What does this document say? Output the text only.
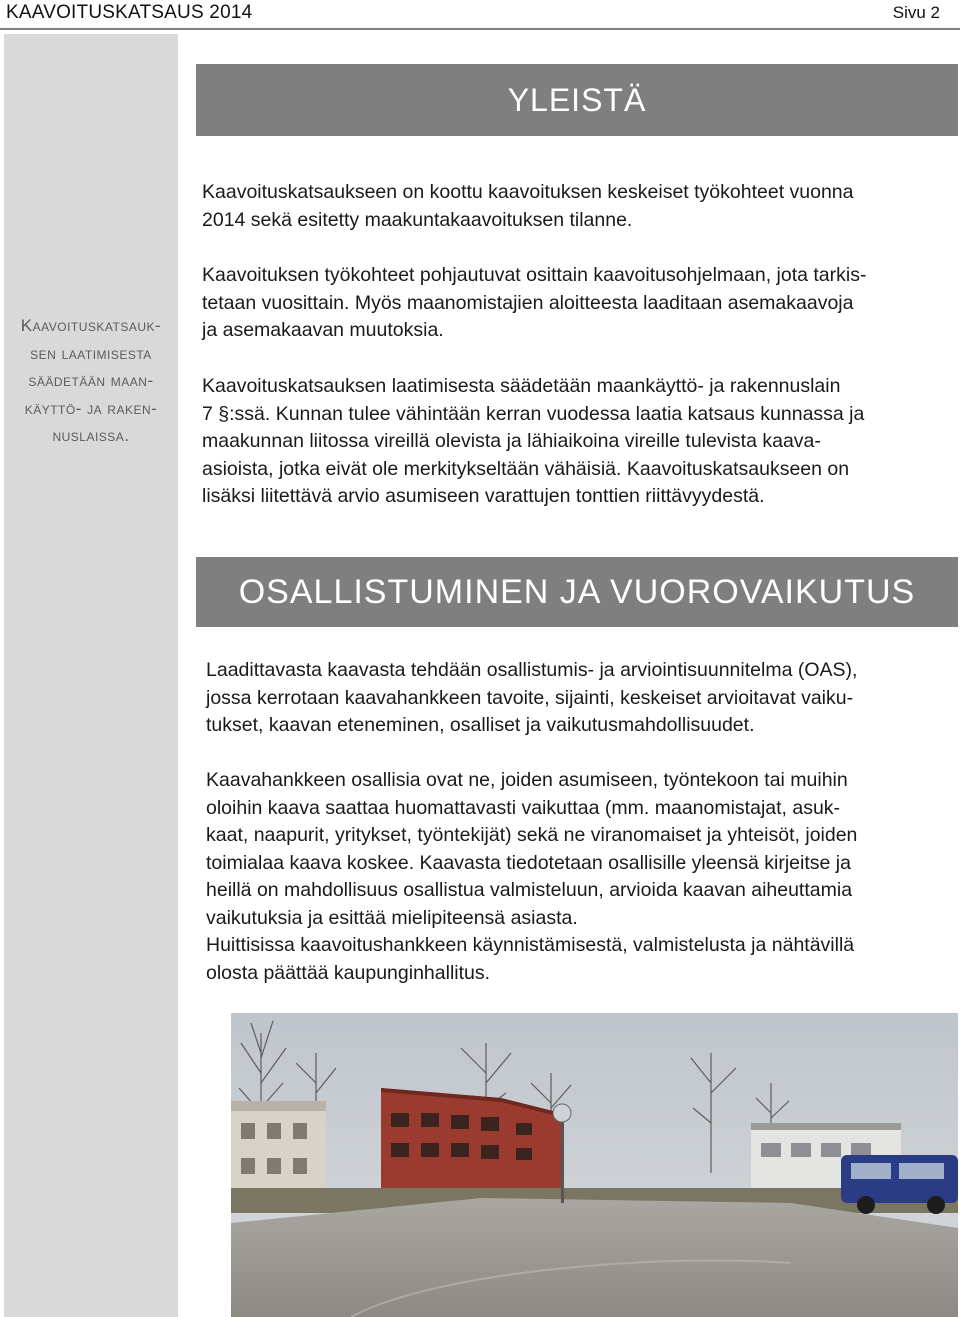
KAAVOITUSKATSAUS 2014	Sivu 2
Kaavoituskatsauk-
sen laatimisesta
säädetään maan-
käyttö- ja raken-
nuslaissa.
YLEISTÄ
Kaavoituskatsaukseen on koottu kaavoituksen keskeiset työkohteet vuonna
2014 sekä esitetty maakuntakaavoituksen tilanne.
Kaavoituksen työkohteet pohjautuvat osittain kaavoitusohjelmaan, jota tarkis-
tetaan vuosittain. Myös maanomistajien aloitteesta laaditaan asemakaavoja
ja asemakaavan muutoksia.
Kaavoituskatsauksen laatimisesta säädetään maankäyttö- ja rakennuslain
7 §:ssä. Kunnan tulee vähintään kerran vuodessa laatia katsaus kunnassa ja
maakunnan liitossa vireillä olevista ja lähiaikoina vireille tulevista kaava-
asioista, jotka eivät ole merkitykseltään vähäisiä. Kaavoituskatsaukseen on
lisäksi liitettävä arvio asumiseen varattujen tonttien riittävyydestä.
OSALLISTUMINEN JA VUOROVAIKUTUS
Laadittavasta kaavasta tehdään osallistumis- ja arviointisuunnitelma (OAS),
jossa kerrotaan kaavahankkeen tavoite, sijainti, keskeiset arvioitavat vaiku-
tukset, kaavan eteneminen, osalliset ja vaikutusmahdollisuudet.
Kaavahankkeen osallisia ovat ne, joiden asumiseen, työntekoon tai muihin
oloihin kaava saattaa huomattavasti vaikuttaa (mm. maanomistajat, asuk-
kaat, naapurit, yritykset, työntekijät) sekä ne viranomaiset ja yhteisöt, joiden
toimialaa kaava koskee. Kaavasta tiedotetaan osallisille yleensä kirjeitse ja
heillä on mahdollisuus osallistua valmisteluun, arvioida kaavan aiheuttamia
vaikutuksia ja esittää mielipiteensä asiasta.
Huittisissa kaavoitushankkeen käynnistämisestä, valmistelusta ja nähtävillä
olosta päättää kaupunginhallitus.
